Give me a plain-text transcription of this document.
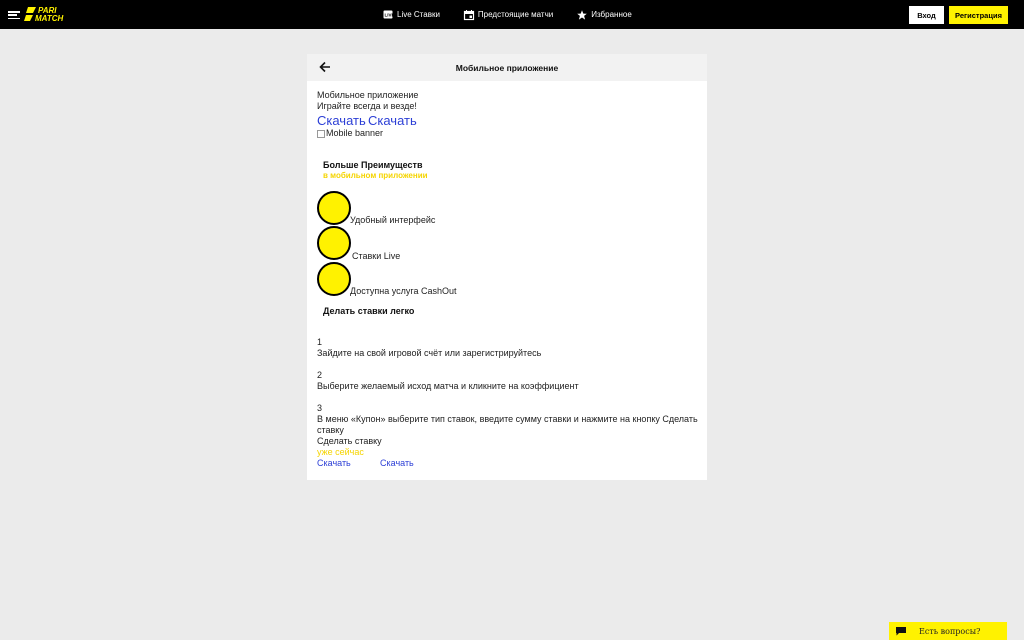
PARI
MATCH	LIVE Live Ставки	Предстоящие матчи	Избранное	Вход	Регистрация
Мобильное приложение
Мобильное приложение
Играйте всегда и везде!
Скачать Скачать
Mobile banner
Больше Преимуществ
в мобильном приложении
Удобный интерфейс
Ставки Live
Доступна услуга CashOut
Делать ставки легко
1
Зайдите на свой игровой счёт или зарегистрируйтесь
2
Выберите желаемый исход матча и кликните на коэффициент
3
В меню «Купон» выберите тип ставок, введите сумму ставки и нажмите на кнопку Сделать
ставку
Сделать ставку
уже сейчас
Скачать	Скачать
Есть вопросы?
